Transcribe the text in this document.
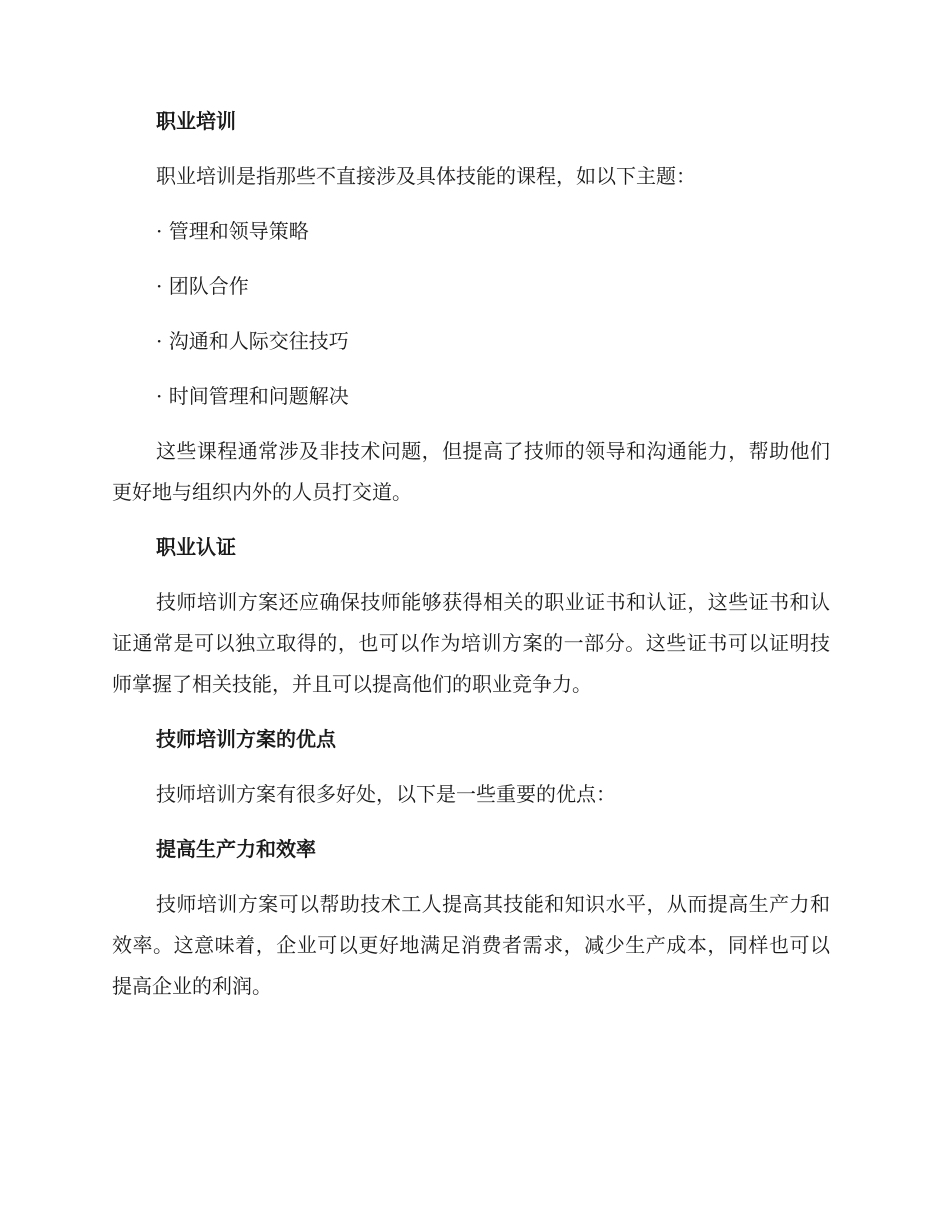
职业培训

职业培训是指那些不直接涉及具体技能的课程，如以下主题：

· 管理和领导策略

· 团队合作

· 沟通和人际交往技巧

· 时间管理和问题解决

这些课程通常涉及非技术问题，但提高了技师的领导和沟通能力，帮助他们更好地与组织内外的人员打交道。

职业认证

技师培训方案还应确保技师能够获得相关的职业证书和认证，这些证书和认证通常是可以独立取得的，也可以作为培训方案的一部分。这些证书可以证明技师掌握了相关技能，并且可以提高他们的职业竞争力。

技师培训方案的优点

技师培训方案有很多好处，以下是一些重要的优点：

提高生产力和效率

技师培训方案可以帮助技术工人提高其技能和知识水平，从而提高生产力和效率。这意味着，企业可以更好地满足消费者需求，减少生产成本，同样也可以提高企业的利润。
